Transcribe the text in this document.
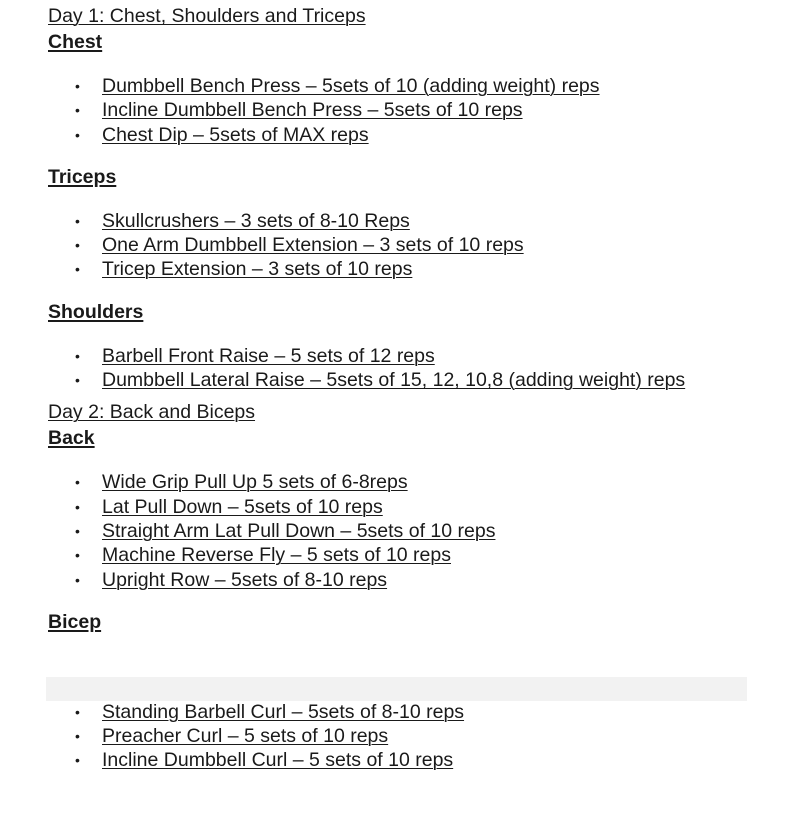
Day 1: Chest, Shoulders and Triceps

Chest

• Dumbbell Bench Press – 5sets of 10 (adding weight) reps
• Incline Dumbbell Bench Press – 5sets of 10 reps
• Chest Dip – 5sets of MAX reps

Triceps

• Skullcrushers – 3 sets of 8-10 Reps
• One Arm Dumbbell Extension – 3 sets of 10 reps
• Tricep Extension – 3 sets of 10 reps

Shoulders

• Barbell Front Raise – 5 sets of 12 reps
• Dumbbell Lateral Raise – 5sets of 15, 12, 10,8 (adding weight) reps

Day 2: Back and Biceps

Back

• Wide Grip Pull Up 5 sets of 6-8reps
• Lat Pull Down – 5sets of 10 reps
• Straight Arm Lat Pull Down – 5sets of 10 reps
• Machine Reverse Fly – 5 sets of 10 reps
• Upright Row – 5sets of 8-10 reps

Bicep

• Standing Barbell Curl – 5sets of 8-10 reps
• Preacher Curl – 5 sets of 10 reps
• Incline Dumbbell Curl – 5 sets of 10 reps
